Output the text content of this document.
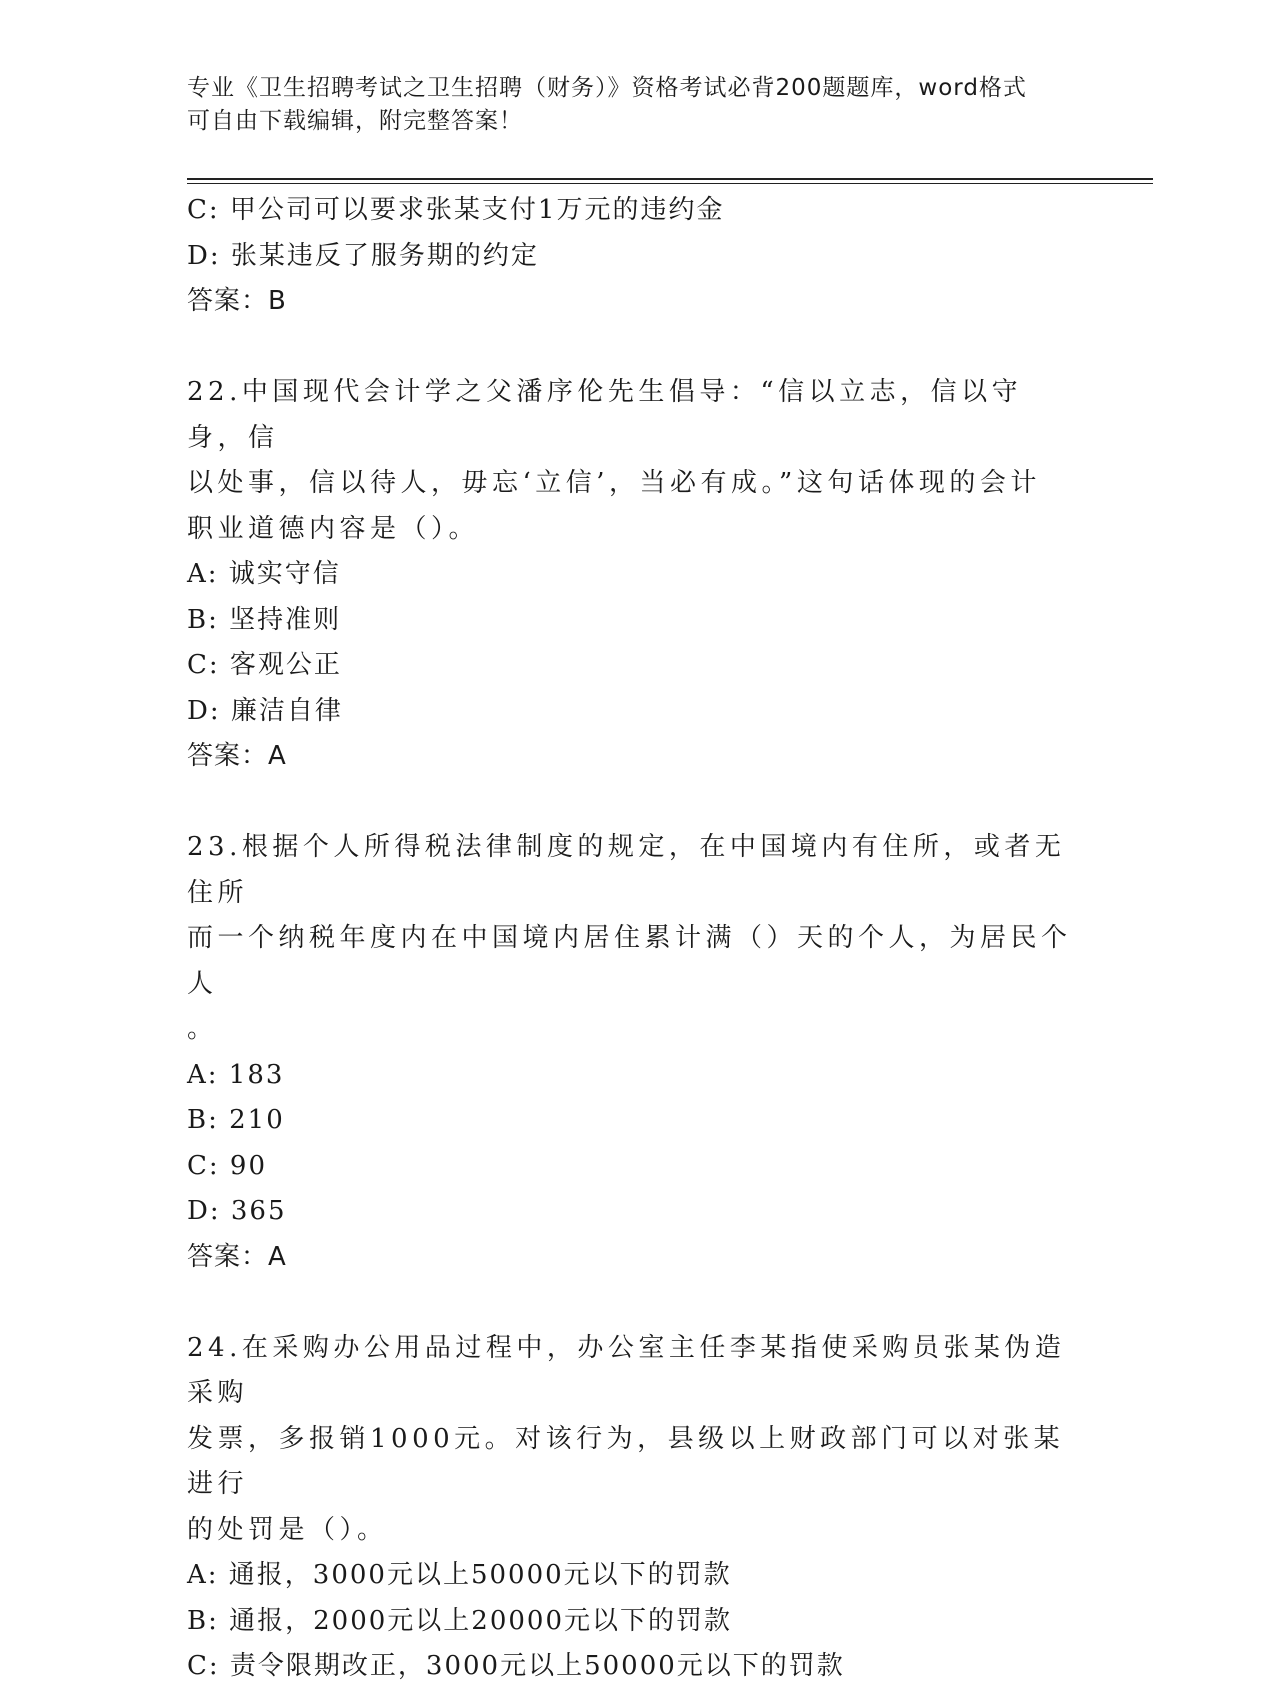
专业《卫生招聘考试之卫生招聘（财务）》资格考试必背200题题库，word格式
可自由下载编辑，附完整答案！
C: 甲公司可以要求张某支付1万元的违约金
D: 张某违反了服务期的约定
答案：B
22.中国现代会计学之父潘序伦先生倡导：“信以立志，信以守身，信
以处事，信以待人，毋忘‘立信’，当必有成。”这句话体现的会计
职业道德内容是（）。
A: 诚实守信
B: 坚持准则
C: 客观公正
D: 廉洁自律
答案：A
23.根据个人所得税法律制度的规定，在中国境内有住所，或者无住所
而一个纳税年度内在中国境内居住累计满（）天的个人，为居民个人
。
A: 183
B: 210
C: 90
D: 365
答案：A
24.在采购办公用品过程中，办公室主任李某指使采购员张某伪造采购
发票，多报销1000元。对该行为，县级以上财政部门可以对张某进行
的处罚是（）。
A: 通报，3000元以上50000元以下的罚款
B: 通报，2000元以上20000元以下的罚款
C: 责令限期改正，3000元以上50000元以下的罚款
